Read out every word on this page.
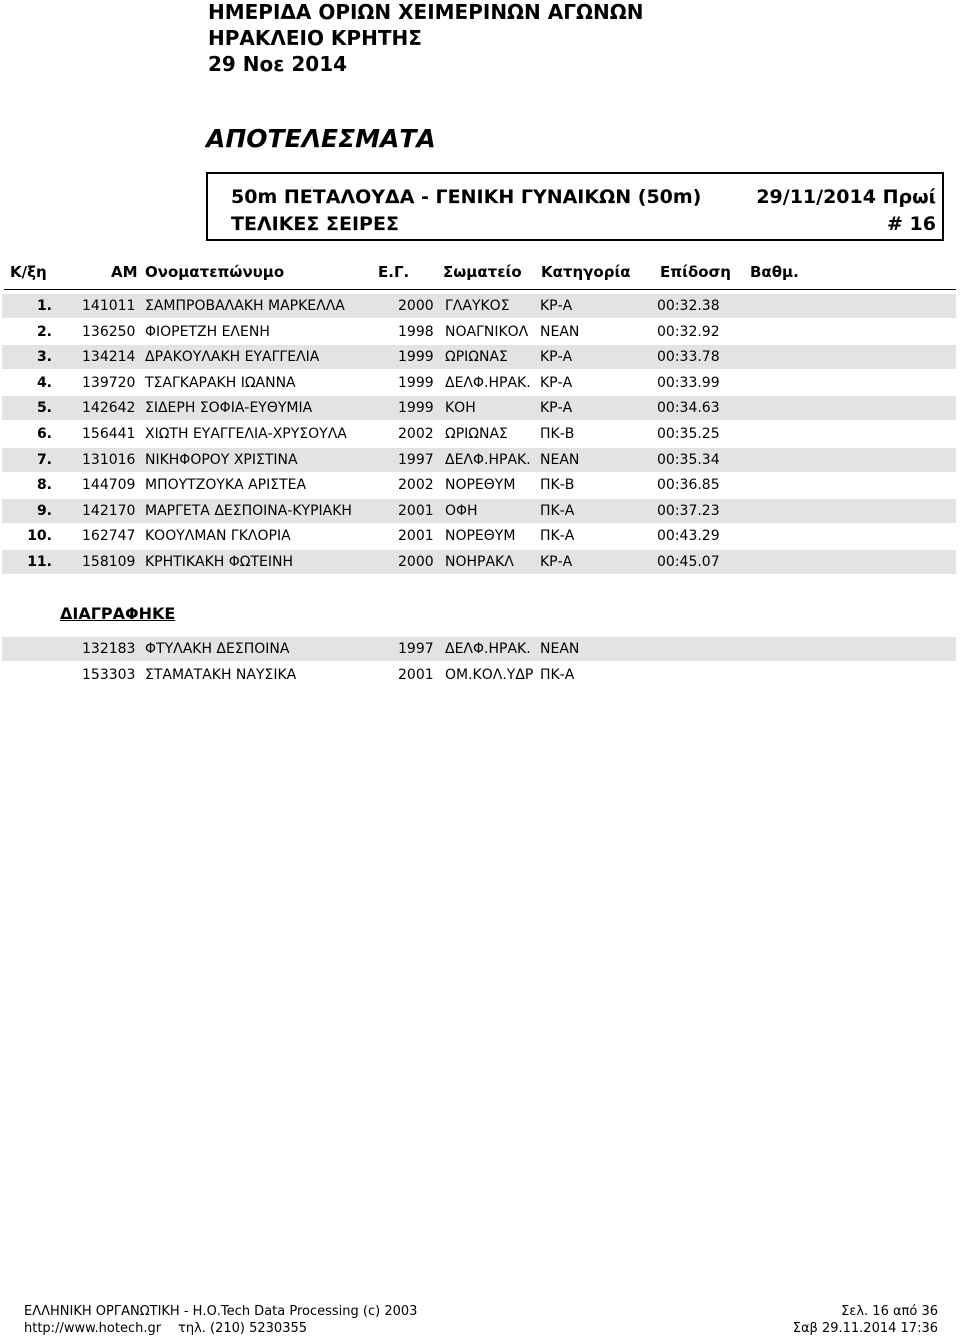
ΗΜΕΡΙΔΑ ΟΡΙΩΝ ΧΕΙΜΕΡΙΝΩΝ ΑΓΩΝΩΝ
ΗΡΑΚΛΕΙΟ ΚΡΗΤΗΣ
29 Νοε 2014
ΑΠΟΤΕΛΕΣΜΑΤΑ
50m ΠΕΤΑΛΟΥΔΑ - ΓΕΝΙΚΗ ΓΥΝΑΙΚΩΝ (50m)	29/11/2014 Πρωί
ΤΕΛΙΚΕΣ ΣΕΙΡΕΣ	# 16
Κ/ξη	ΑΜ Ονοματεπώνυμο	Ε.Γ. Σωματείο Κατηγορία Επίδοση Βαθμ.
1. 141011 ΣΑΜΠΡΟΒΑΛΑΚΗ ΜΑΡΚΕΛΛΑ	2000 ΓΛΑΥΚΟΣ ΚΡ-Α	00:32.38
2. 136250 ΦΙΟΡΕΤΖΗ ΕΛΕΝΗ	1998 ΝΟΑΓΝΙΚΟΛ ΝΕΑΝ	00:32.92
3. 134214 ΔΡΑΚΟΥΛΑΚΗ ΕΥΑΓΓΕΛΙΑ	1999 ΩΡΙΩΝΑΣ ΚΡ-Α	00:33.78
4. 139720 ΤΣΑΓΚΑΡΑΚΗ ΙΩΑΝΝΑ	1999 ΔΕΛΦ.ΗΡΑΚ. ΚΡ-Α	00:33.99
5. 142642 ΣΙΔΕΡΗ ΣΟΦΙΑ-ΕΥΘΥΜΙΑ	1999 ΚΟΗ	ΚΡ-Α	00:34.63
6. 156441 ΧΙΩΤΗ ΕΥΑΓΓΕΛΙΑ-ΧΡΥΣΟΥΛΑ	2002 ΩΡΙΩΝΑΣ ΠΚ-Β	00:35.25
7. 131016 ΝΙΚΗΦΟΡΟΥ ΧΡΙΣΤΙΝΑ	1997 ΔΕΛΦ.ΗΡΑΚ. ΝΕΑΝ	00:35.34
8. 144709 ΜΠΟΥΤΖΟΥΚΑ ΑΡΙΣΤΕΑ	2002 ΝΟΡΕΘΥΜ ΠΚ-Β	00:36.85
9. 142170 ΜΑΡΓΕΤΑ ΔΕΣΠΟΙΝΑ-ΚΥΡΙΑΚΗ	2001 ΟΦΗ	ΠΚ-Α	00:37.23
10. 162747 ΚΟΟΥΛΜΑΝ ΓΚΛΟΡΙΑ	2001 ΝΟΡΕΘΥΜ ΠΚ-Α	00:43.29
11. 158109 ΚΡΗΤΙΚΑΚΗ ΦΩΤΕΙΝΗ	2000 ΝΟΗΡΑΚΛ ΚΡ-Α	00:45.07
ΔΙΑΓΡΑΦΗΚΕ
132183 ΦΤΥΛΑΚΗ ΔΕΣΠΟΙΝΑ	1997 ΔΕΛΦ.ΗΡΑΚ. ΝΕΑΝ
153303 ΣΤΑΜΑΤΑΚΗ ΝΑΥΣΙΚΑ	2001 ΟΜ.ΚΟΛ.ΥΔΡ ΠΚ-Α
ΕΛΛΗΝΙΚΗ ΟΡΓΑΝΩΤΙΚΗ - Η.Ο.Tech Data Processing (c) 2003
http://www.hotech.gr τηλ. (210) 5230355
Σελ. 16 από 36
Σαβ 29.11.2014 17:36
